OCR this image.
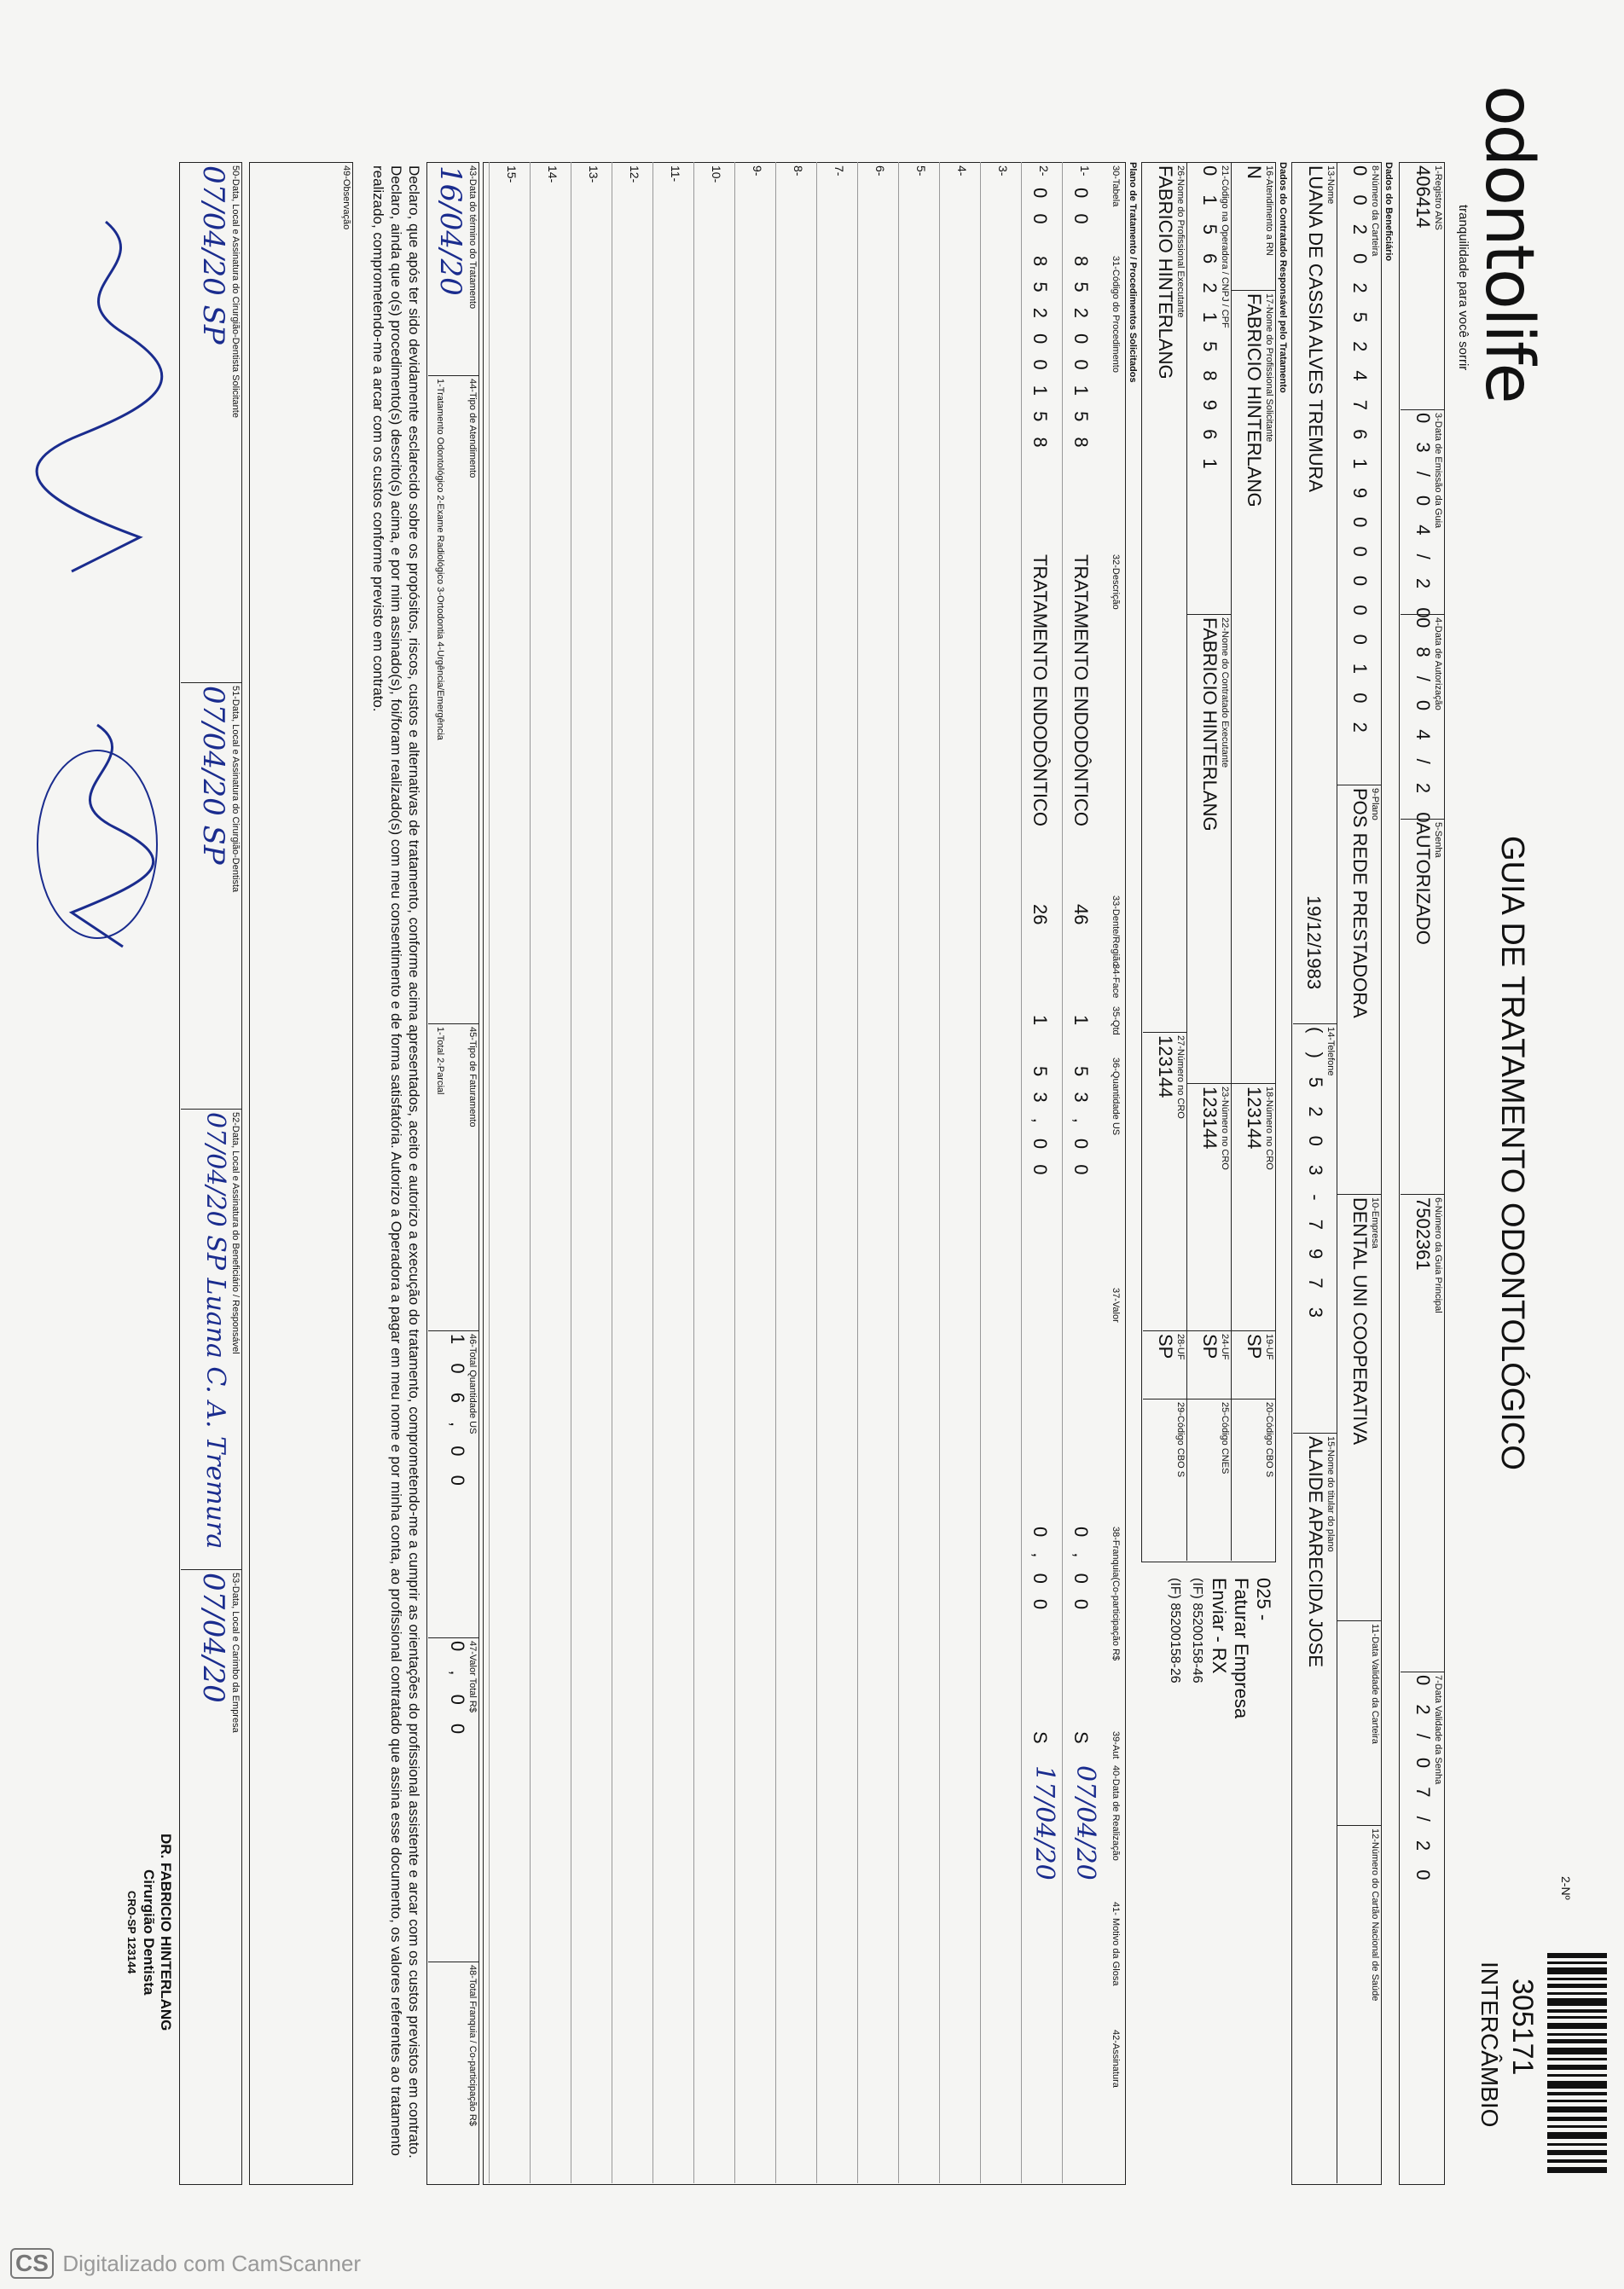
odontolife
tranquilidade para você sorrir
GUIA DE TRATAMENTO ODONTOLÓGICO
2-Nº
305171
INTERCÂMBIO
1-Registro ANS
406414
3-Data de Emissão da Guia
0 3 / 0 4 / 2 0
4-Data de Autorização
0 8 / 0 4 / 2 0
5-Senha
AUTORIZADO
6-Número da Guia Principal
7502361
7-Data Validade da Senha
0 2 / 0 7 / 2 0
Dados do Beneficiário
8-Número da Carteira
0 0 2 0 2 5 2 4 7 6 1 9 0 0 0 0 0 1 0 2
9-Plano
POS REDE PRESTADORA
10-Empresa
DENTAL UNI COOPERATIVA
11-Data Validade da Carteira
12-Número do Cartão Nacional de Saúde
13-Nome
LUANA DE CASSIA ALVES TREMURA
19/12/1983
14-Telefone
( ) 5 2 0 3 - 7 9 7 3
15-Nome do titular do plano
ALAIDE APARECIDA JOSE
Dados do Contratado Responsável pelo Tratamento
16-Atendimento a RN
N
17-Nome do Profissional Solicitante
FABRICIO HINTERLANG
18-Número no CRO
123144
19-UF
SP
20-Código CBO S
21-Código na Operadora / CNPJ / CPF
0 1 5 6 2 1 5 8 9 6 1
22-Nome do Contratado Executante
FABRICIO HINTERLANG
23-Número no CRO
123144
24-UF
SP
25-Código CNES
26-Nome do Profissional Executante
FABRICIO HINTERLANG
27-Número no CRO
123144
28-UF
SP
29-Código CBO S
025 -
Faturar Empresa
Enviar - RX
(IF) 85200158-46
(IF) 85200158-26
Plano de Tratamento / Procedimentos Solicitados
30-Tabela
31-Código do Procedimento
32-Descrição
33-Dente/Região
34-Face
35-Qtd
36-Quantidade US
37-Valor
38-Franquia(Co-participação R$
39-Aut
40-Data de Realização
41- Motivo da Glosa
42-Assinatura
1-
0 0
8 5 2 0 0 1 5 8
TRATAMENTO ENDODÔNTICO
46
1
5 3 , 0 0
0 , 0 0
S
07/04/20
2-
0 0
8 5 2 0 0 1 5 8
TRATAMENTO ENDODÔNTICO
26
1
5 3 , 0 0
0 , 0 0
S
17/04/20
3-
4-
5-
6-
7-
8-
9-
10-
11-
12-
13-
14-
15-
43-Data do término do Tratamento
16/04/20
44-Tipo de Atendimento
1-Tratamento Odontológico 2-Exame Radiológico 3-Ortodontia 4-Urgência/Emergência
45-Tipo de Faturamento
1-Total 2-Parcial
46-Total Quantidade US
1 0 6 , 0 0
47-Valor Total R$
0 , 0 0
48-Total Franquia / Co-participação R$
Declaro, que após ter sido devidamente esclarecido sobre os propósitos, riscos, custos e alternativas de tratamento, conforme acima apresentados, aceito e autorizo a execução do tratamento, comprometendo-me a cumprir as orientações do profissional assistente e arcar com os custos previstos em contrato. Declaro, ainda que o(s) procedimento(s) descrito(s) acima, e por mim assinado(s), foi/foram realizado(s) com meu consentimento e de forma satisfatória. Autorizo a Operadora a pagar em meu nome e por minha conta, ao profissional contratado que assina esse documento, os valores referentes ao tratamento realizado, comprometendo-me a arcar com os custos conforme previsto em contrato.
49-Observação
50-Data, Local e Assinatura do Cirurgião-Dentista Solicitante
07/04/20 SP
51-Data, Local e Assinatura do Cirurgião-Dentista
07/04/20 SP
52-Data, Local e Assinatura do Beneficiário / Responsável
07/04/20 SP Luana C. A. Tremura
53-Data, Local e Carimbo da Empresa
07/04/20
DR. FABRICIO HINTERLANG
Cirurgião Dentista
CRO-SP 123144
CS Digitalizado com CamScanner
